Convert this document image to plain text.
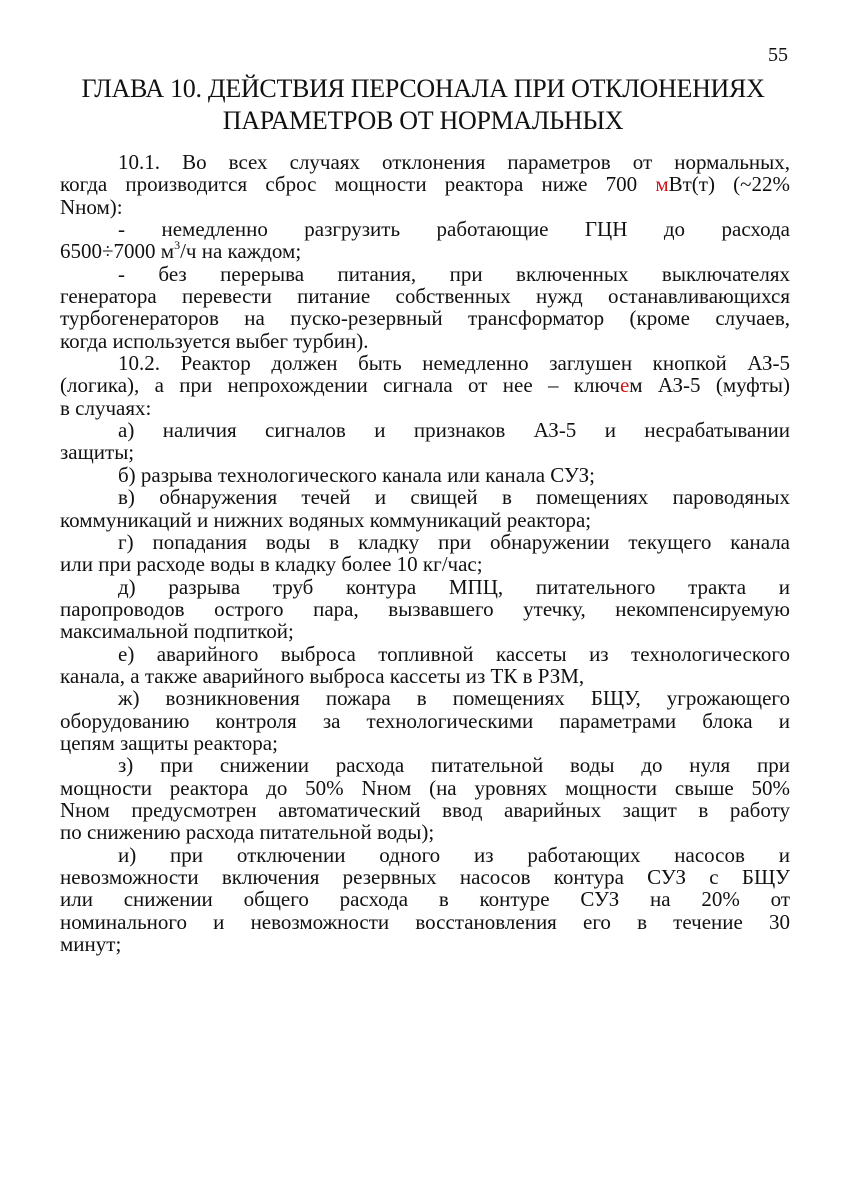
55
ГЛАВА 10. ДЕЙСТВИЯ ПЕРСОНАЛА ПРИ ОТКЛОНЕНИЯХ
ПАРАМЕТРОВ ОТ НОРМАЛЬНЫХ
10.1. Во всех случаях отклонения параметров от нормальных,
когда производится сброс мощности реактора ниже 700 мВт(т) (~22%
Nном):
- немедленно разгрузить работающие ГЦН до расхода
6500÷7000 $м^3/ч$ на каждом;
- без перерыва питания, при включенных выключателях
генератора перевести питание собственных нужд останавливающихся
турбогенераторов на пуско-резервный трансформатор (кроме случаев,
когда используется выбег турбин).
10.2. Реактор должен быть немедленно заглушен кнопкой АЗ-5
(логика), а при непрохождении сигнала от нее – ключем АЗ-5 (муфты)
в случаях:
а) наличия сигналов и признаков АЗ-5 и несрабатывании
защиты;
б) разрыва технологического канала или канала СУЗ;
в) обнаружения течей и свищей в помещениях пароводяных
коммуникаций и нижних водяных коммуникаций реактора;
г) попадания воды в кладку при обнаружении текущего канала
или при расходе воды в кладку более 10 кг/час;
д) разрыва труб контура МПЦ, питательного тракта и
паропроводов острого пара, вызвавшего утечку, некомпенсируемую
максимальной подпиткой;
е) аварийного выброса топливной кассеты из технологического
канала, а также аварийного выброса кассеты из ТК в РЗМ,
ж) возникновения пожара в помещениях БЩУ, угрожающего
оборудованию контроля за технологическими параметрами блока и
цепям защиты реактора;
з) при снижении расхода питательной воды до нуля при
мощности реактора до 50% Nном (на уровнях мощности свыше 50%
Nном предусмотрен автоматический ввод аварийных защит в работу
по снижению расхода питательной воды);
и) при отключении одного из работающих насосов и
невозможности включения резервных насосов контура СУЗ с БЩУ
или снижении общего расхода в контуре СУЗ на 20% от
номинального и невозможности восстановления его в течение 30
минут;
